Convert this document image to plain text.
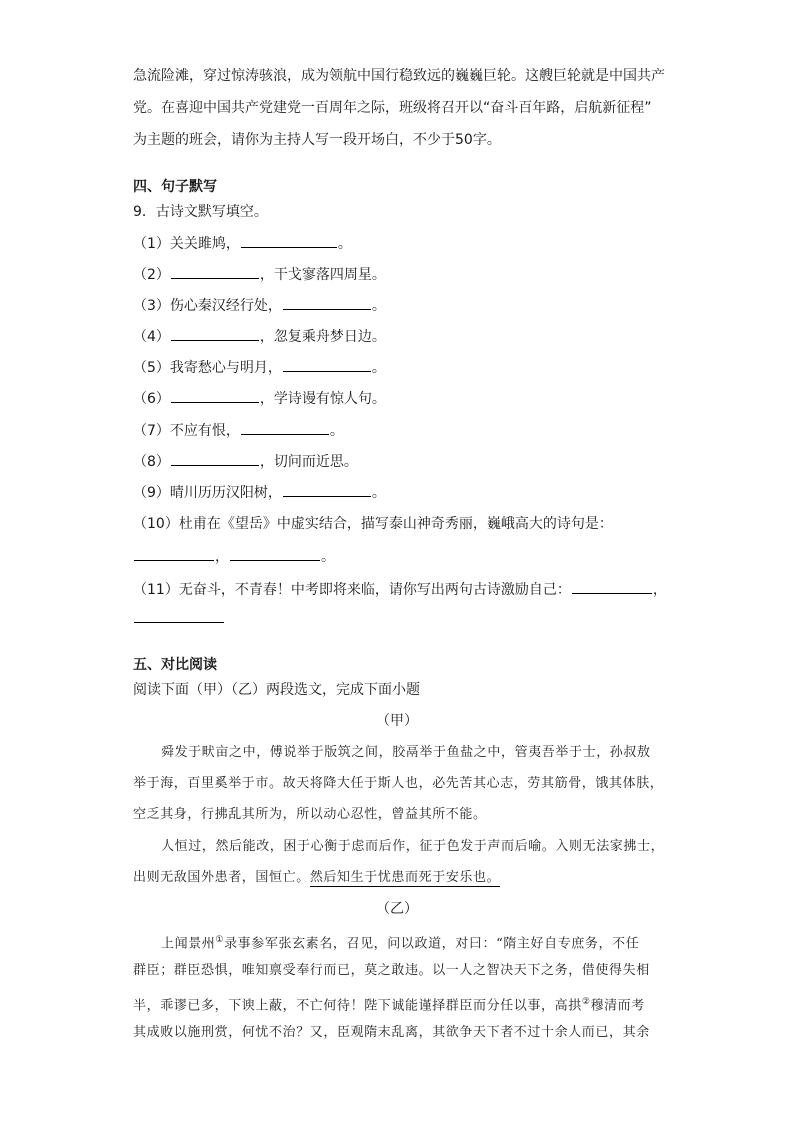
急流险滩，穿过惊涛骇浪，成为领航中国行稳致远的巍巍巨轮。这艘巨轮就是中国共产
党。在喜迎中国共产党建党一百周年之际，班级将召开以“奋斗百年路，启航新征程”
为主题的班会，请你为主持人写一段开场白，不少于50字。
四、句子默写
9．古诗文默写填空。
（1）关关雎鸠，	。
（2）	，干戈寥落四周星。
（3）伤心秦汉经行处，	。
（4）	，忽复乘舟梦日边。
（5）我寄愁心与明月，	。
（6）	，学诗谩有惊人句。
（7）不应有恨，	。
（8）	，切问而近思。
（9）晴川历历汉阳树，	。
（10）杜甫在《望岳》中虚实结合，描写泰山神奇秀丽，巍峨高大的诗句是：
，	。
（11）无奋斗，不青春！中考即将来临，请你写出两句古诗激励自己：	，
五、对比阅读
阅读下面（甲）（乙）两段选文，完成下面小题
（甲）
舜发于畎亩之中，傅说举于版筑之间，胶鬲举于鱼盐之中，管夷吾举于士，孙叔敖
举于海，百里奚举于市。故天将降大任于斯人也，必先苦其心志，劳其筋骨，饿其体肤，
空乏其身，行拂乱其所为，所以动心忍性，曾益其所不能。
人恒过，然后能改，困于心衡于虑而后作，征于色发于声而后喻。入则无法家拂士，
出则无敌国外患者，国恒亡。然后知生于忧患而死于安乐也。
（乙）
上闻景州①录事参军张玄素名，召见，问以政道，对曰：“隋主好自专庶务，不任
群臣；群臣恐惧，唯知禀受奉行而已，莫之敢违。以一人之智决天下之务，借使得失相
半，乖谬已多，下谀上蔽，不亡何待！陛下诚能谨择群臣而分任以事，高拱②穆清而考
其成败以施刑赏，何忧不治？又，臣观隋末乱离，其欲争天下者不过十余人而已，其余
